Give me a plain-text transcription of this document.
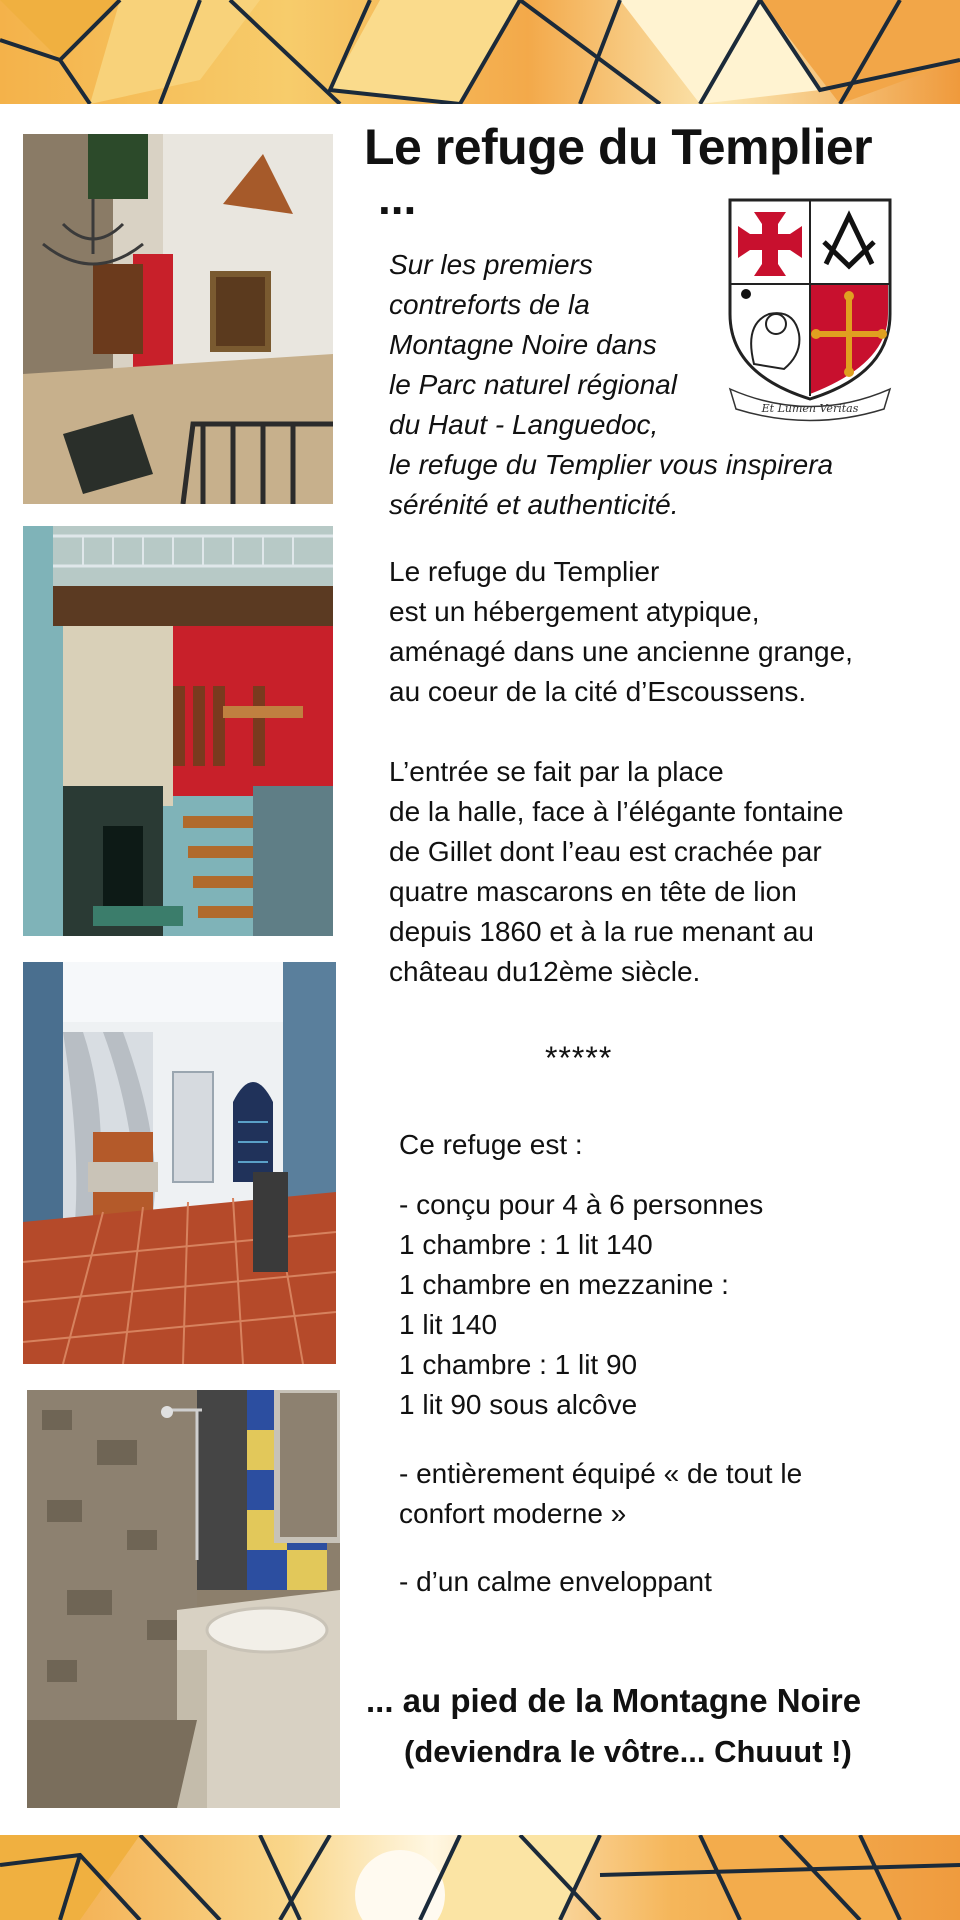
Le refuge du Templier
...
Et Lumen Veritas
Sur les premiers
contreforts de la
Montagne Noire dans
le Parc naturel régional
du Haut - Languedoc,
le refuge du Templier vous inspirera
sérénité et authenticité.
Le refuge du Templier
est un hébergement atypique,
aménagé dans une ancienne grange,
au coeur de la cité d’Escoussens.
L’entrée se fait par la place
de la halle, face à l’élégante fontaine
de Gillet dont l’eau est crachée par
quatre mascarons en tête de lion
depuis 1860 et à la rue menant au
château du12ème siècle.
*****
Ce refuge est :
- conçu pour 4 à 6 personnes
1 chambre : 1 lit 140
1 chambre en mezzanine :
1 lit 140
1 chambre : 1 lit 90
1 lit 90 sous alcôve
- entièrement équipé « de tout le
confort moderne »
- d’un calme enveloppant
... au pied de la Montagne Noire
(deviendra le vôtre... Chuuut !)
